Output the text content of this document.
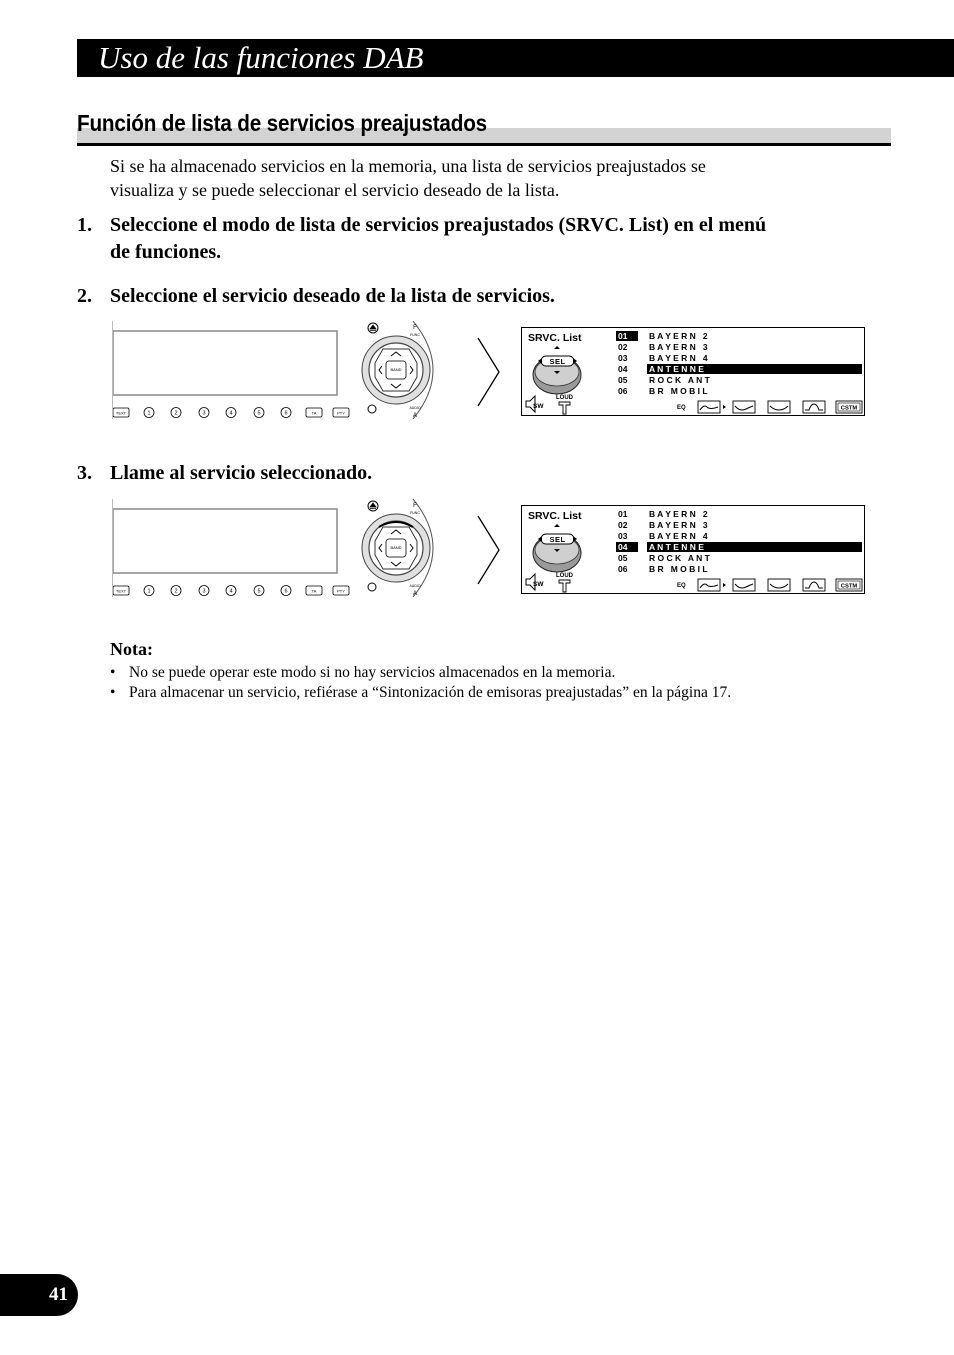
Uso de las funciones DAB
Función de lista de servicios preajustados
Si se ha almacenado servicios en la memoria, una lista de servicios preajustados se
visualiza y se puede seleccionar el servicio deseado de la lista.
1. Seleccione el modo de lista de servicios preajustados (SRVC. List) en el menú
de funciones.
2. Seleccione el servicio deseado de la lista de servicios.
BAND
F
FUNC
AUDIO
A
TEXT	1	2	3	4	5	6	TA	PTY
SRVC. List
SEL
SW
LOUD
01	B A Y E R N   2
02	B A Y E R N   3
03	B A Y E R N   4
04	A N T E N N E
05	R O C K   A N T
06	B R   M O B I L
EQ	CSTM
3. Llame al servicio seleccionado.
BAND
F
FUNC
AUDIO
A
TEXT	1	2	3	4	5	6	TA	PTY
SRVC. List
SEL
SW
LOUD
01	B A Y E R N   2
02	B A Y E R N   3
03	B A Y E R N   4
04	A N T E N N E
05	R O C K   A N T
06	B R   M O B I L
EQ	CSTM
Nota:
• No se puede operar este modo si no hay servicios almacenados en la memoria.
• Para almacenar un servicio, refiérase a “Sintonización de emisoras preajustadas” en la página 17.
41
